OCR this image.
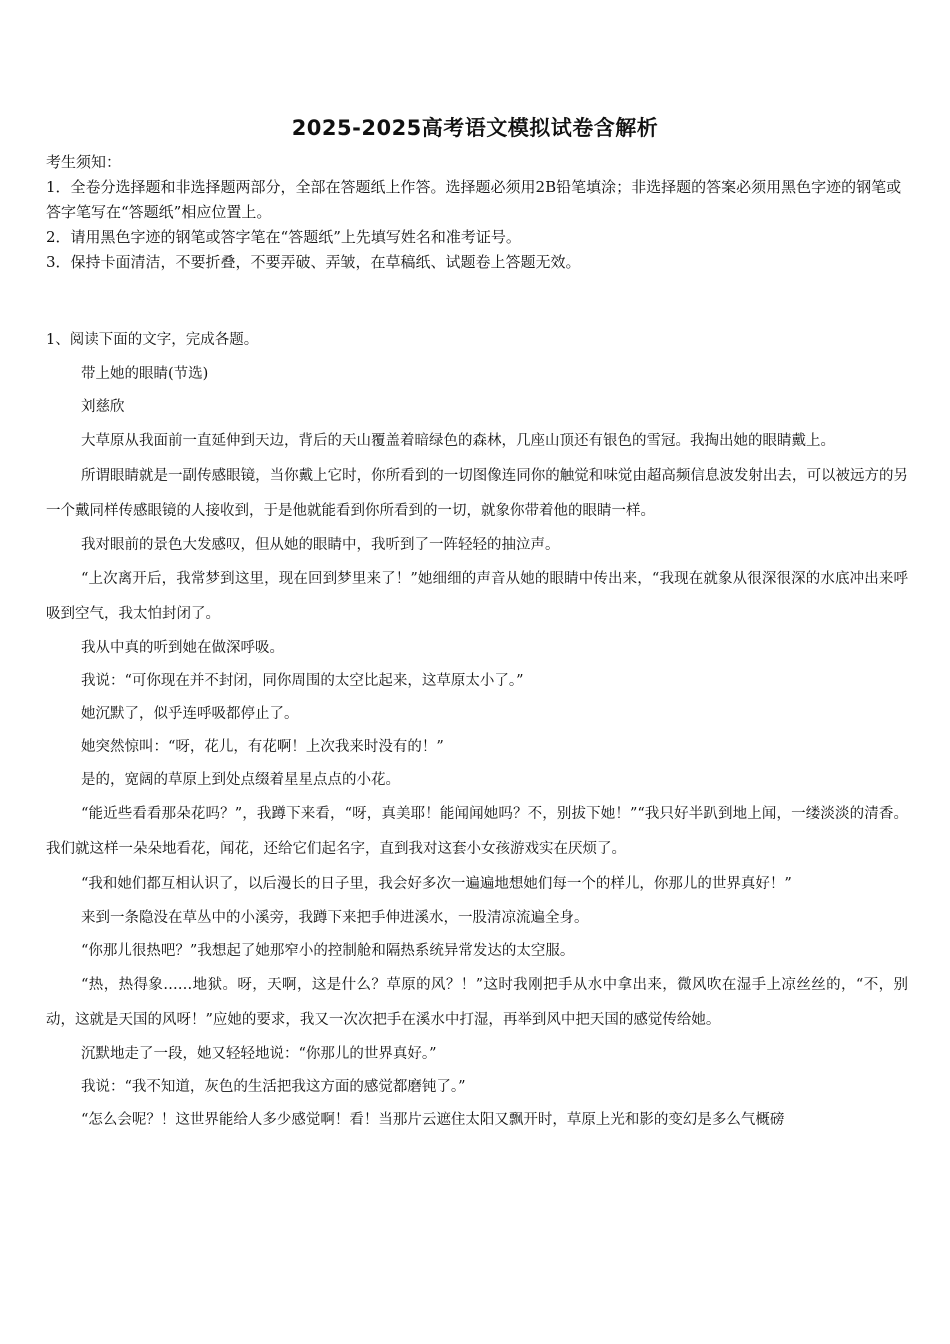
2025-2025高考语文模拟试卷含解析

考生须知：

1．全卷分选择题和非选择题两部分，全部在答题纸上作答。选择题必须用2B铅笔填涂；非选择题的答案必须用黑色字迹的钢笔或答字笔写在“答题纸”相应位置上。

2．请用黑色字迹的钢笔或答字笔在“答题纸”上先填写姓名和准考证号。

3．保持卡面清洁，不要折叠，不要弄破、弄皱，在草稿纸、试题卷上答题无效。

1、阅读下面的文字，完成各题。

带上她的眼睛(节选)

刘慈欣

大草原从我面前一直延伸到天边，背后的天山覆盖着暗绿色的森林，几座山顶还有银色的雪冠。我掏出她的眼睛戴上。

所谓眼睛就是一副传感眼镜，当你戴上它时，你所看到的一切图像连同你的触觉和味觉由超高频信息波发射出去，可以被远方的另一个戴同样传感眼镜的人接收到，于是他就能看到你所看到的一切，就象你带着他的眼睛一样。

我对眼前的景色大发感叹，但从她的眼睛中，我听到了一阵轻轻的抽泣声。

“上次离开后，我常梦到这里，现在回到梦里来了！”她细细的声音从她的眼睛中传出来，“我现在就象从很深很深的水底冲出来呼吸到空气，我太怕封闭了。

我从中真的听到她在做深呼吸。

我说：“可你现在并不封闭，同你周围的太空比起来，这草原太小了。”

她沉默了，似乎连呼吸都停止了。

她突然惊叫：“呀，花儿，有花啊！上次我来时没有的！”

是的，宽阔的草原上到处点缀着星星点点的小花。

“能近些看看那朵花吗？”，我蹲下来看，“呀，真美耶！能闻闻她吗？不，别拔下她！”“我只好半趴到地上闻，一缕淡淡的清香。我们就这样一朵朵地看花，闻花，还给它们起名字，直到我对这套小女孩游戏实在厌烦了。

“我和她们都互相认识了，以后漫长的日子里，我会好多次一遍遍地想她们每一个的样儿，你那儿的世界真好！”

来到一条隐没在草丛中的小溪旁，我蹲下来把手伸进溪水，一股清凉流遍全身。

“你那儿很热吧？”我想起了她那窄小的控制舱和隔热系统异常发达的太空服。

“热，热得象……地狱。呀，天啊，这是什么？草原的风？！”这时我刚把手从水中拿出来，微风吹在湿手上凉丝丝的，“不，别动，这就是天国的风呀！”应她的要求，我又一次次把手在溪水中打湿，再举到风中把天国的感觉传给她。

沉默地走了一段，她又轻轻地说：“你那儿的世界真好。”

我说：“我不知道，灰色的生活把我这方面的感觉都磨钝了。”

“怎么会呢？！这世界能给人多少感觉啊！看！当那片云遮住太阳又飘开时，草原上光和影的变幻是多么气概磅
